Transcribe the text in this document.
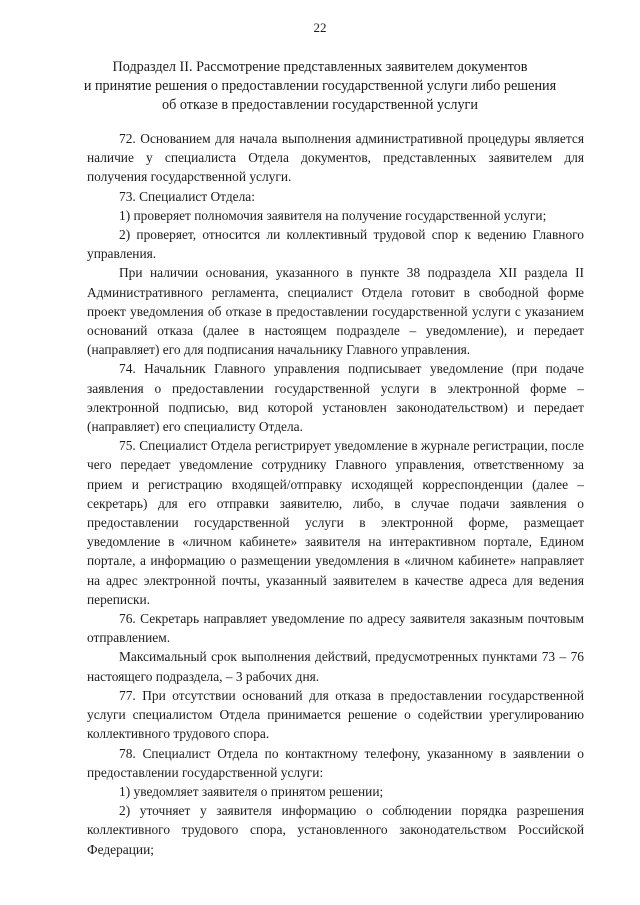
22
Подраздел II. Рассмотрение представленных заявителем документов
и принятие решения о предоставлении государственной услуги либо решения
об отказе в предоставлении государственной услуги

72. Основанием для начала выполнения административной процедуры является наличие у специалиста Отдела документов, представленных заявителем для получения государственной услуги.

73. Специалист Отдела:

1) проверяет полномочия заявителя на получение государственной услуги;

2) проверяет, относится ли коллективный трудовой спор к ведению Главного управления.

При наличии основания, указанного в пункте 38 подраздела XII раздела II Административного регламента, специалист Отдела готовит в свободной форме проект уведомления об отказе в предоставлении государственной услуги с указанием оснований отказа (далее в настоящем подразделе – уведомление), и передает (направляет) его для подписания начальнику Главного управления.

74. Начальник Главного управления подписывает уведомление (при подаче заявления о предоставлении государственной услуги в электронной форме – электронной подписью, вид которой установлен законодательством) и передает (направляет) его специалисту Отдела.

75. Специалист Отдела регистрирует уведомление в журнале регистрации, после чего передает уведомление сотруднику Главного управления, ответственному за прием и регистрацию входящей/отправку исходящей корреспонденции (далее – секретарь) для его отправки заявителю, либо, в случае подачи заявления о предоставлении государственной услуги в электронной форме, размещает уведомление в «личном кабинете» заявителя на интерактивном портале, Едином портале, а информацию о размещении уведомления в «личном кабинете» направляет на адрес электронной почты, указанный заявителем в качестве адреса для ведения переписки.

76. Секретарь направляет уведомление по адресу заявителя заказным почтовым отправлением.

Максимальный срок выполнения действий, предусмотренных пунктами 73 – 76 настоящего подраздела, – 3 рабочих дня.

77. При отсутствии оснований для отказа в предоставлении государственной услуги специалистом Отдела принимается решение о содействии урегулированию коллективного трудового спора.

78. Специалист Отдела по контактному телефону, указанному в заявлении о предоставлении государственной услуги:

1) уведомляет заявителя о принятом решении;

2) уточняет у заявителя информацию о соблюдении порядка разрешения коллективного трудового спора, установленного законодательством Российской Федерации;
